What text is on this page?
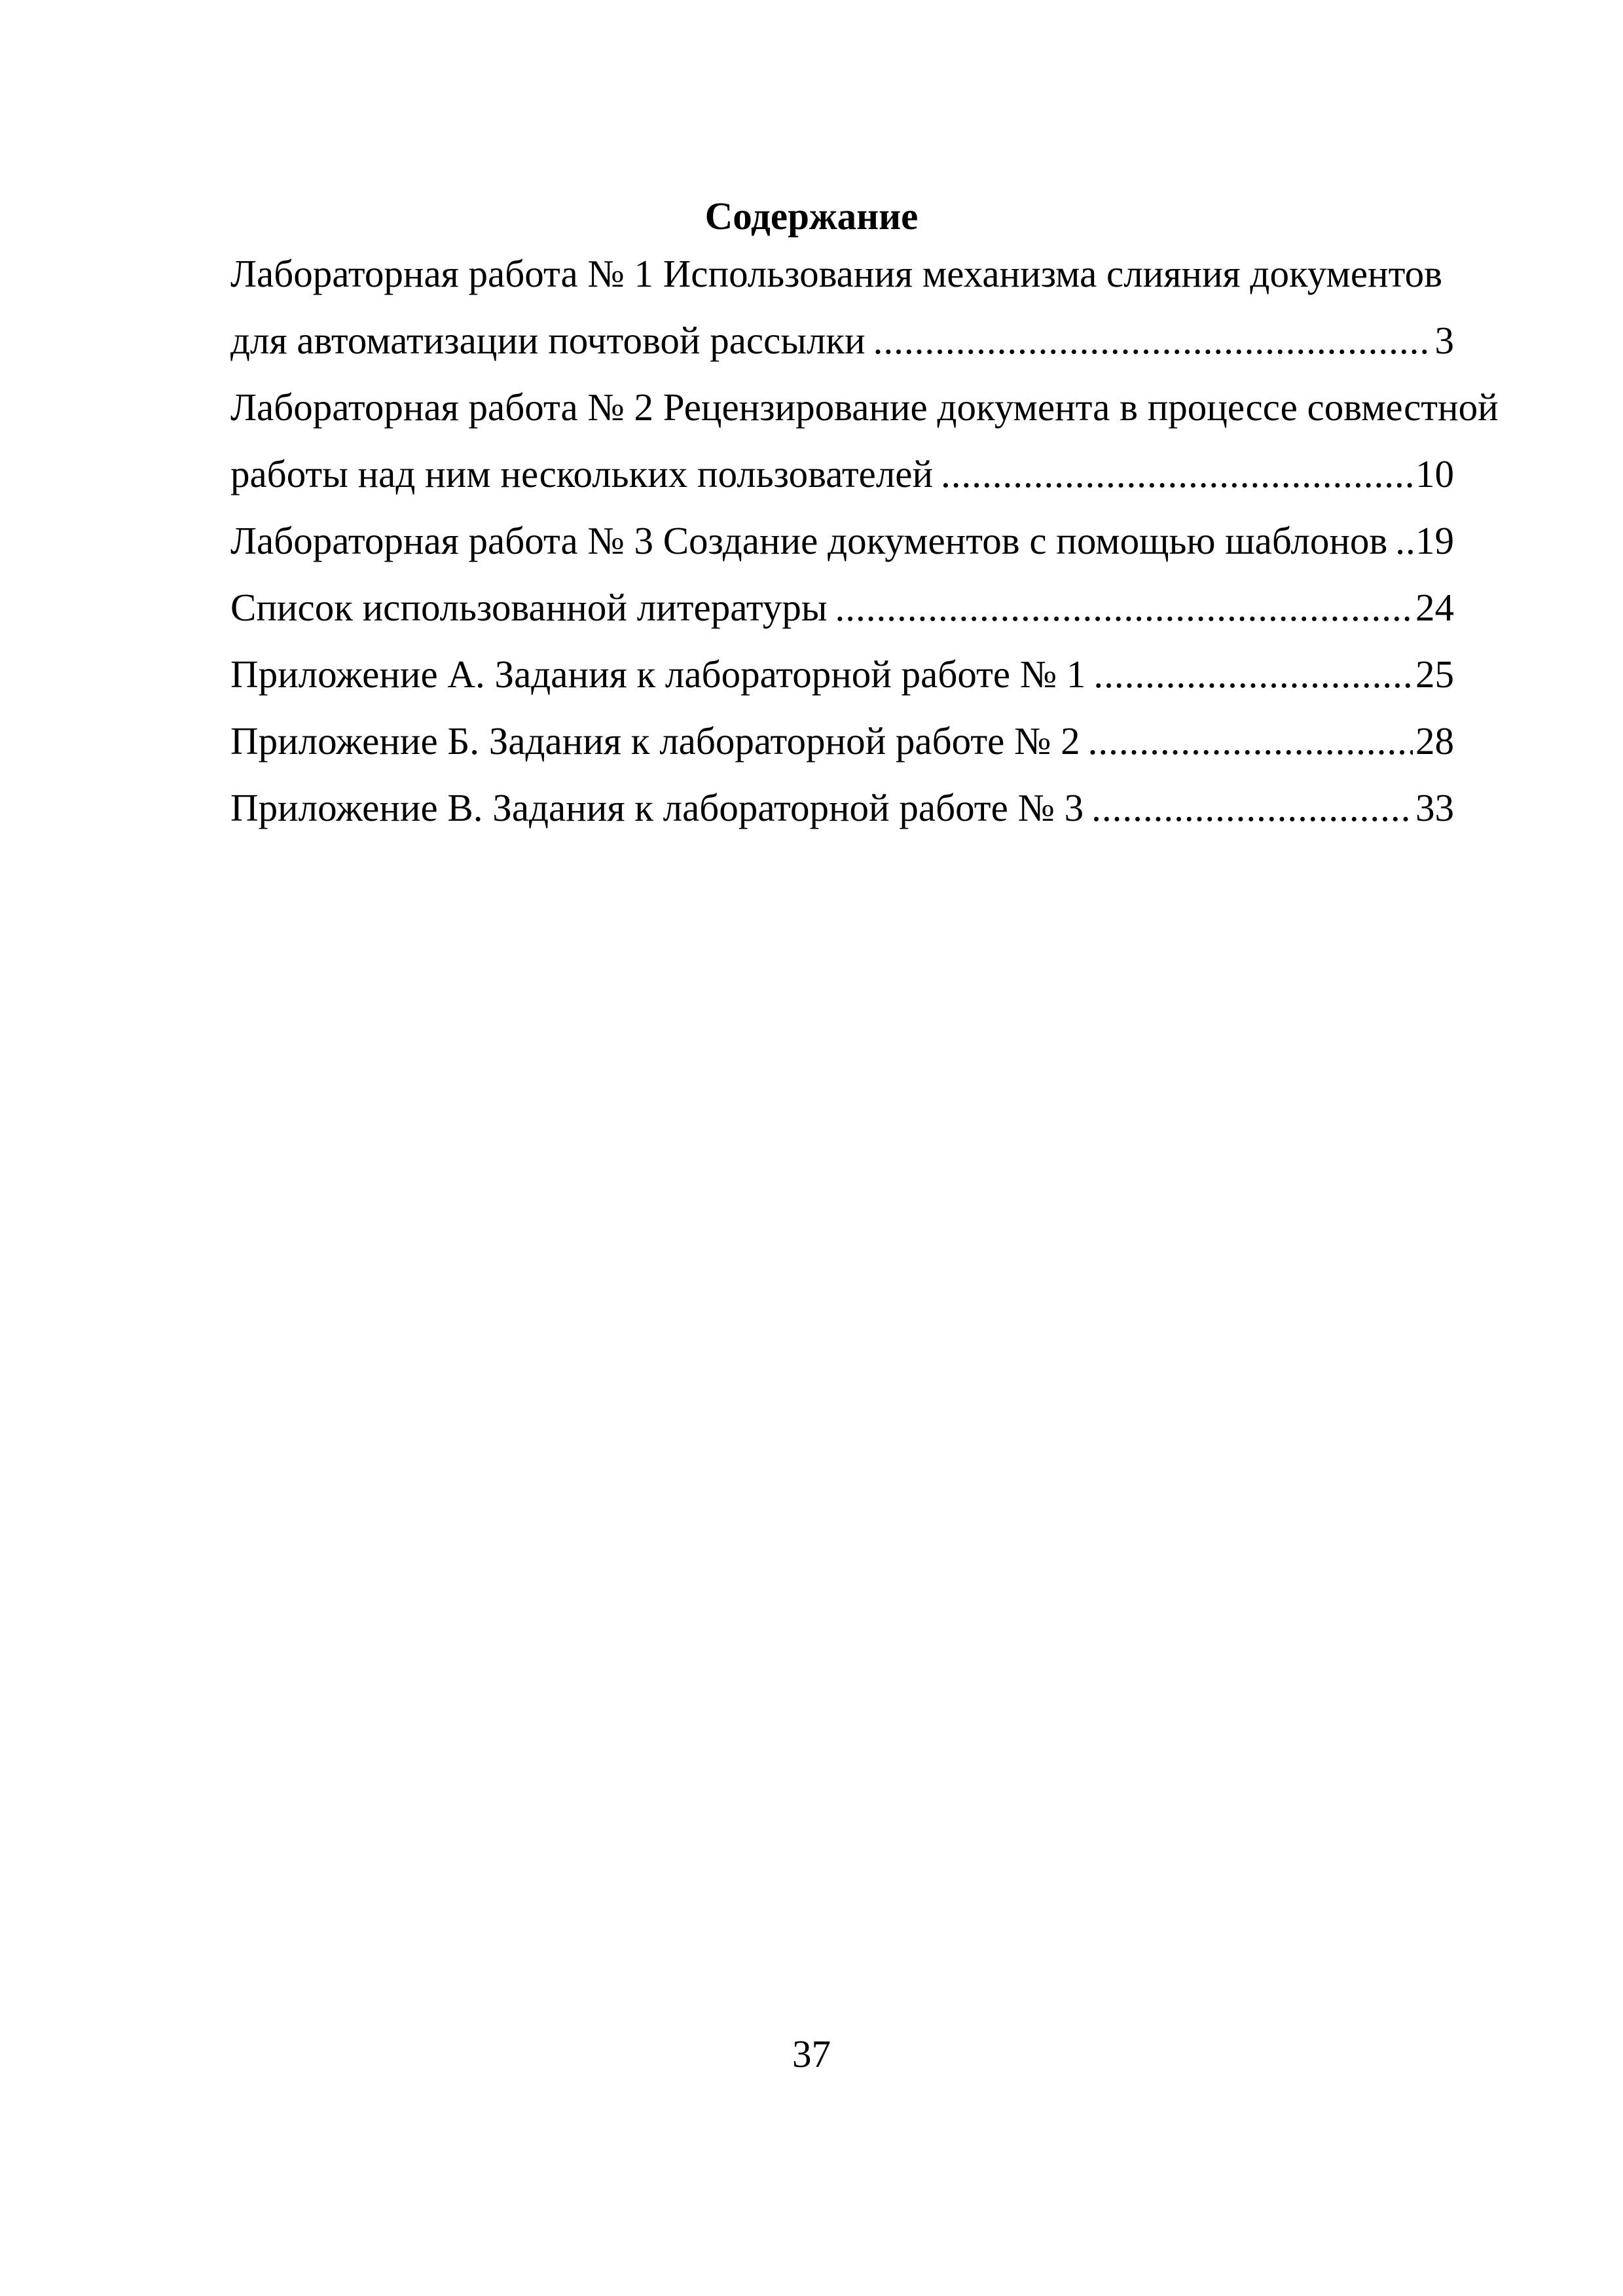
Содержание
Лабораторная работа № 1 Использования механизма слияния документов
для автоматизации почтовой рассылки .....	3
Лабораторная работа № 2 Рецензирование документа в процессе совместной
работы над ним нескольких пользователей .....	10
Лабораторная работа № 3 Создание документов с помощью шаблонов ..... 19
Список использованной литературы .....	24
Приложение А. Задания к лабораторной работе № 1 .....	25
Приложение Б. Задания к лабораторной работе № 2 .....	28
Приложение В. Задания к лабораторной работе № 3 .....	33
37
